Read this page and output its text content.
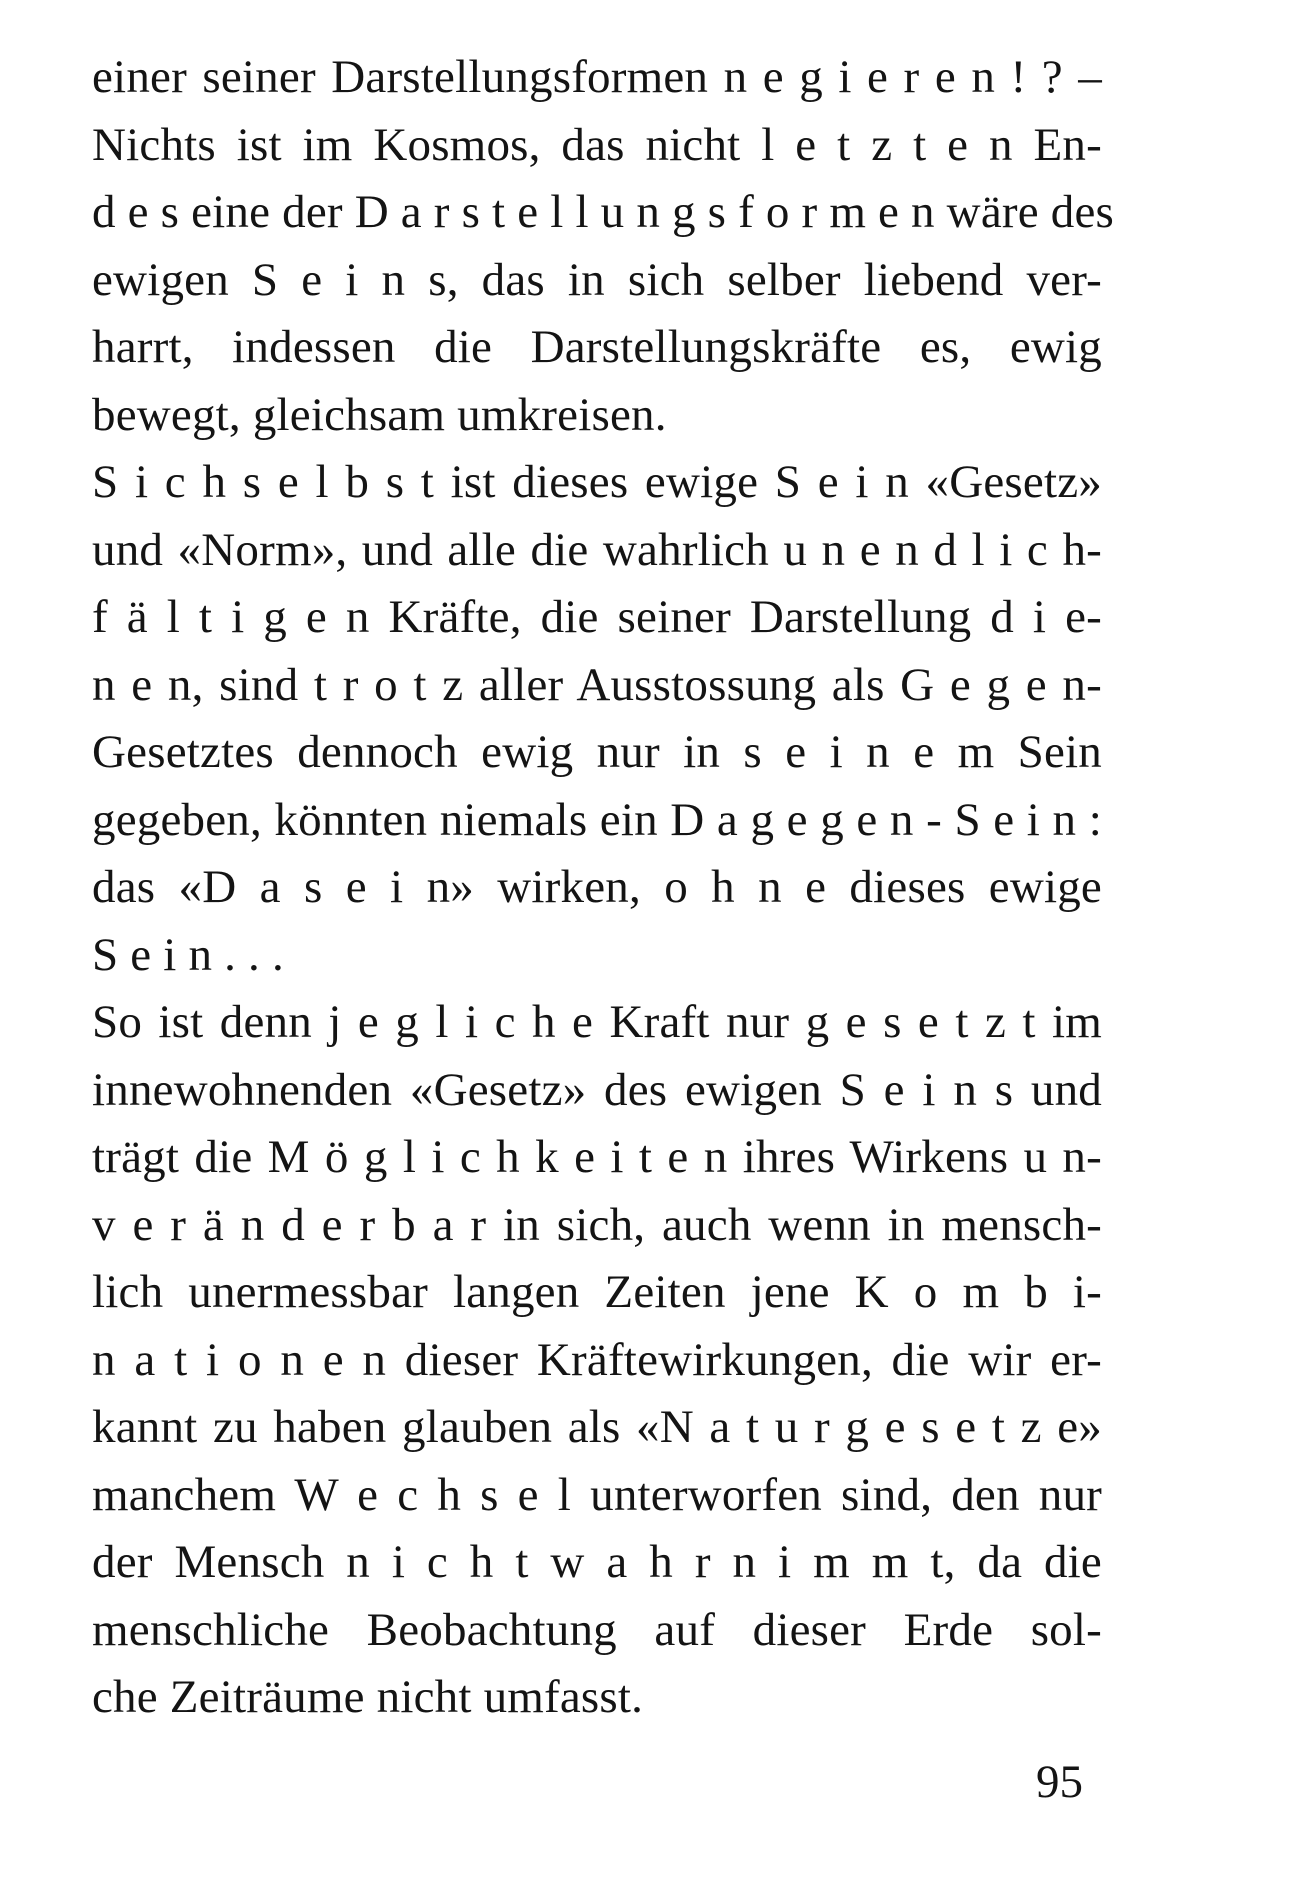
einer seiner Darstellungsformen n e g i e r e n ! ? –
Nichts ist im Kosmos, das nicht l e t z t e n En-
d e s eine der D a r s t e l l u n g s f o r m e n wäre des
ewigen S e i n s, das in sich selber liebend ver-
harrt, indessen die Darstellungskräfte es, ewig
bewegt, gleichsam umkreisen.
S i c h s e l b s t ist dieses ewige S e i n «Gesetz»
und «Norm», und alle die wahrlich u n e n d l i c h-
f ä l t i g e n Kräfte, die seiner Darstellung d i e-
n e n, sind t r o t z aller Ausstossung als G e g e n-
Gesetztes dennoch ewig nur in s e i n e m Sein
gegeben, könnten niemals ein D a g e g e n - S e i n :
das «D a s e i n» wirken, o h n e dieses ewige
S e i n . . .
So ist denn j e g l i c h e Kraft nur g e s e t z t im
innewohnenden «Gesetz» des ewigen S e i n s und
trägt die M ö g l i c h k e i t e n ihres Wirkens u n-
v e r ä n d e r b a r in sich, auch wenn in mensch-
lich unermessbar langen Zeiten jene K o m b i-
n a t i o n e n dieser Kräftewirkungen, die wir er-
kannt zu haben glauben als «N a t u r g e s e t z e»
manchem W e c h s e l unterworfen sind, den nur
der Mensch n i c h t w a h r n i m m t, da die
menschliche Beobachtung auf dieser Erde sol-
che Zeiträume nicht umfasst.
95
